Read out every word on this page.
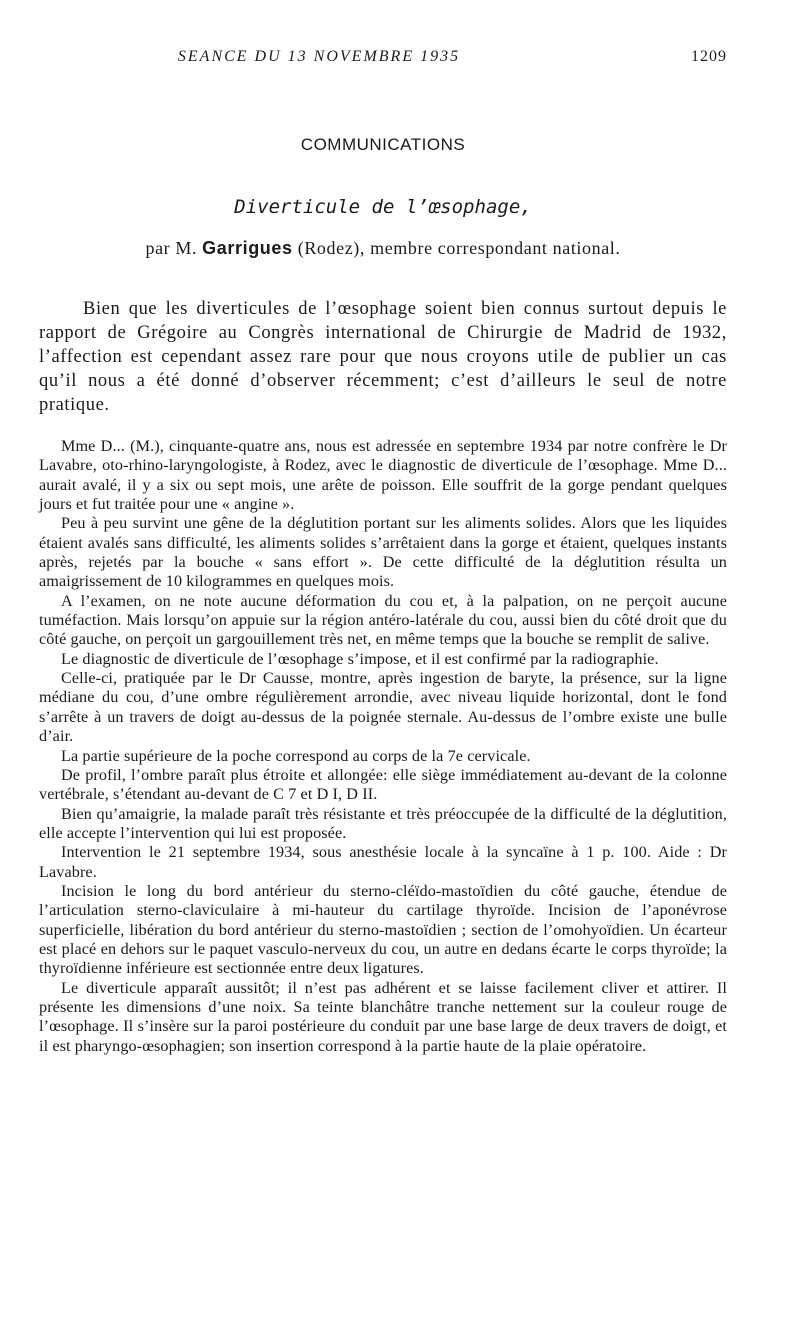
SEANCE DU 13 NOVEMBRE 1935	1209
COMMUNICATIONS
Diverticule de l’œsophage,
par M. Garrigues (Rodez), membre correspondant national.

Bien que les diverticules de l’œsophage soient bien connus surtout depuis le rapport de Grégoire au Congrès international de Chirurgie de Madrid de 1932, l’affection est cependant assez rare pour que nous croyons utile de publier un cas qu’il nous a été donné d’observer récemment; c’est d’ailleurs le seul de notre pratique.

Mme D... (M.), cinquante-quatre ans, nous est adressée en septembre 1934 par notre confrère le Dr Lavabre, oto-rhino-laryngologiste, à Rodez, avec le diagnostic de diverticule de l’œsophage. Mme D... aurait avalé, il y a six ou sept mois, une arête de poisson. Elle souffrit de la gorge pendant quelques jours et fut traitée pour une « angine ».

Peu à peu survint une gêne de la déglutition portant sur les aliments solides. Alors que les liquides étaient avalés sans difficulté, les aliments solides s’arrêtaient dans la gorge et étaient, quelques instants après, rejetés par la bouche « sans effort ». De cette difficulté de la déglutition résulta un amaigrissement de 10 kilogrammes en quelques mois.

A l’examen, on ne note aucune déformation du cou et, à la palpation, on ne perçoit aucune tuméfaction. Mais lorsqu’on appuie sur la région antéro-latérale du cou, aussi bien du côté droit que du côté gauche, on perçoit un gargouillement très net, en même temps que la bouche se remplit de salive.

Le diagnostic de diverticule de l’œsophage s’impose, et il est confirmé par la radiographie.

Celle-ci, pratiquée par le Dr Causse, montre, après ingestion de baryte, la présence, sur la ligne médiane du cou, d’une ombre régulièrement arrondie, avec niveau liquide horizontal, dont le fond s’arrête à un travers de doigt au-dessus de la poignée sternale. Au-dessus de l’ombre existe une bulle d’air.

La partie supérieure de la poche correspond au corps de la 7e cervicale.

De profil, l’ombre paraît plus étroite et allongée: elle siège immédiatement au-devant de la colonne vertébrale, s’étendant au-devant de C 7 et D I, D II.

Bien qu’amaigrie, la malade paraît très résistante et très préoccupée de la difficulté de la déglutition, elle accepte l’intervention qui lui est proposée.

Intervention le 21 septembre 1934, sous anesthésie locale à la syncaïne à 1 p. 100. Aide : Dr Lavabre.

Incision le long du bord antérieur du sterno-cléïdo-mastoïdien du côté gauche, étendue de l’articulation sterno-claviculaire à mi-hauteur du cartilage thyroïde. Incision de l’aponévrose superficielle, libération du bord antérieur du sterno-mastoïdien ; section de l’omohyoïdien. Un écarteur est placé en dehors sur le paquet vasculo-nerveux du cou, un autre en dedans écarte le corps thyroïde; la thyroïdienne inférieure est sectionnée entre deux ligatures.

Le diverticule apparaît aussitôt; il n’est pas adhérent et se laisse facilement cliver et attirer. Il présente les dimensions d’une noix. Sa teinte blanchâtre tranche nettement sur la couleur rouge de l’œsophage. Il s’insère sur la paroi postérieure du conduit par une base large de deux travers de doigt, et il est pharyngo-œsophagien; son insertion correspond à la partie haute de la plaie opératoire.
